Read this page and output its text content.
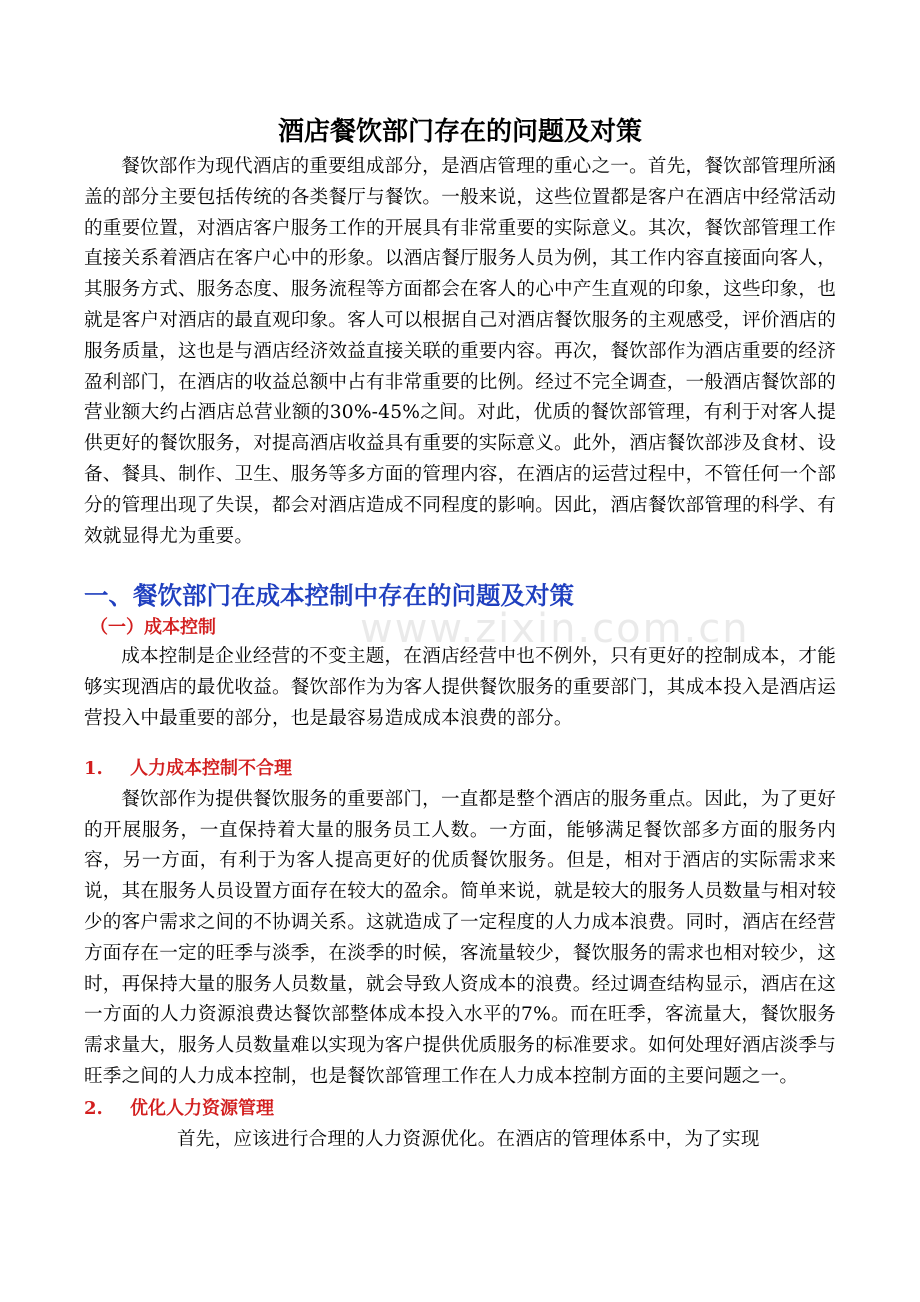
酒店餐饮部门存在的问题及对策

餐饮部作为现代酒店的重要组成部分，是酒店管理的重心之一。首先，餐饮部管理所涵盖的部分主要包括传统的各类餐厅与餐饮。一般来说，这些位置都是客户在酒店中经常活动的重要位置，对酒店客户服务工作的开展具有非常重要的实际意义。其次，餐饮部管理工作直接关系着酒店在客户心中的形象。以酒店餐厅服务人员为例，其工作内容直接面向客人，其服务方式、服务态度、服务流程等方面都会在客人的心中产生直观的印象，这些印象，也就是客户对酒店的最直观印象。客人可以根据自己对酒店餐饮服务的主观感受，评价酒店的服务质量，这也是与酒店经济效益直接关联的重要内容。再次，餐饮部作为酒店重要的经济盈利部门，在酒店的收益总额中占有非常重要的比例。经过不完全调查，一般酒店餐饮部的营业额大约占酒店总营业额的30%-45%之间。对此，优质的餐饮部管理，有利于对客人提供更好的餐饮服务，对提高酒店收益具有重要的实际意义。此外，酒店餐饮部涉及食材、设备、餐具、制作、卫生、服务等多方面的管理内容，在酒店的运营过程中，不管任何一个部分的管理出现了失误，都会对酒店造成不同程度的影响。因此，酒店餐饮部管理的科学、有效就显得尤为重要。

一、餐饮部门在成本控制中存在的问题及对策
（一）成本控制

成本控制是企业经营的不变主题，在酒店经营中也不例外，只有更好的控制成本，才能够实现酒店的最优收益。餐饮部作为为客人提供餐饮服务的重要部门，其成本投入是酒店运营投入中最重要的部分，也是最容易造成成本浪费的部分。

1. 人力成本控制不合理

餐饮部作为提供餐饮服务的重要部门，一直都是整个酒店的服务重点。因此，为了更好的开展服务，一直保持着大量的服务员工人数。一方面，能够满足餐饮部多方面的服务内容，另一方面，有利于为客人提高更好的优质餐饮服务。但是，相对于酒店的实际需求来说，其在服务人员设置方面存在较大的盈余。简单来说，就是较大的服务人员数量与相对较少的客户需求之间的不协调关系。这就造成了一定程度的人力成本浪费。同时，酒店在经营方面存在一定的旺季与淡季，在淡季的时候，客流量较少，餐饮服务的需求也相对较少，这时，再保持大量的服务人员数量，就会导致人资成本的浪费。经过调查结构显示，酒店在这一方面的人力资源浪费达餐饮部整体成本投入水平的7%。而在旺季，客流量大，餐饮服务需求量大，服务人员数量难以实现为客户提供优质服务的标准要求。如何处理好酒店淡季与旺季之间的人力成本控制，也是餐饮部管理工作在人力成本控制方面的主要问题之一。

2. 优化人力资源管理

首先，应该进行合理的人力资源优化。在酒店的管理体系中，为了实现

www.zixin.com.cn
